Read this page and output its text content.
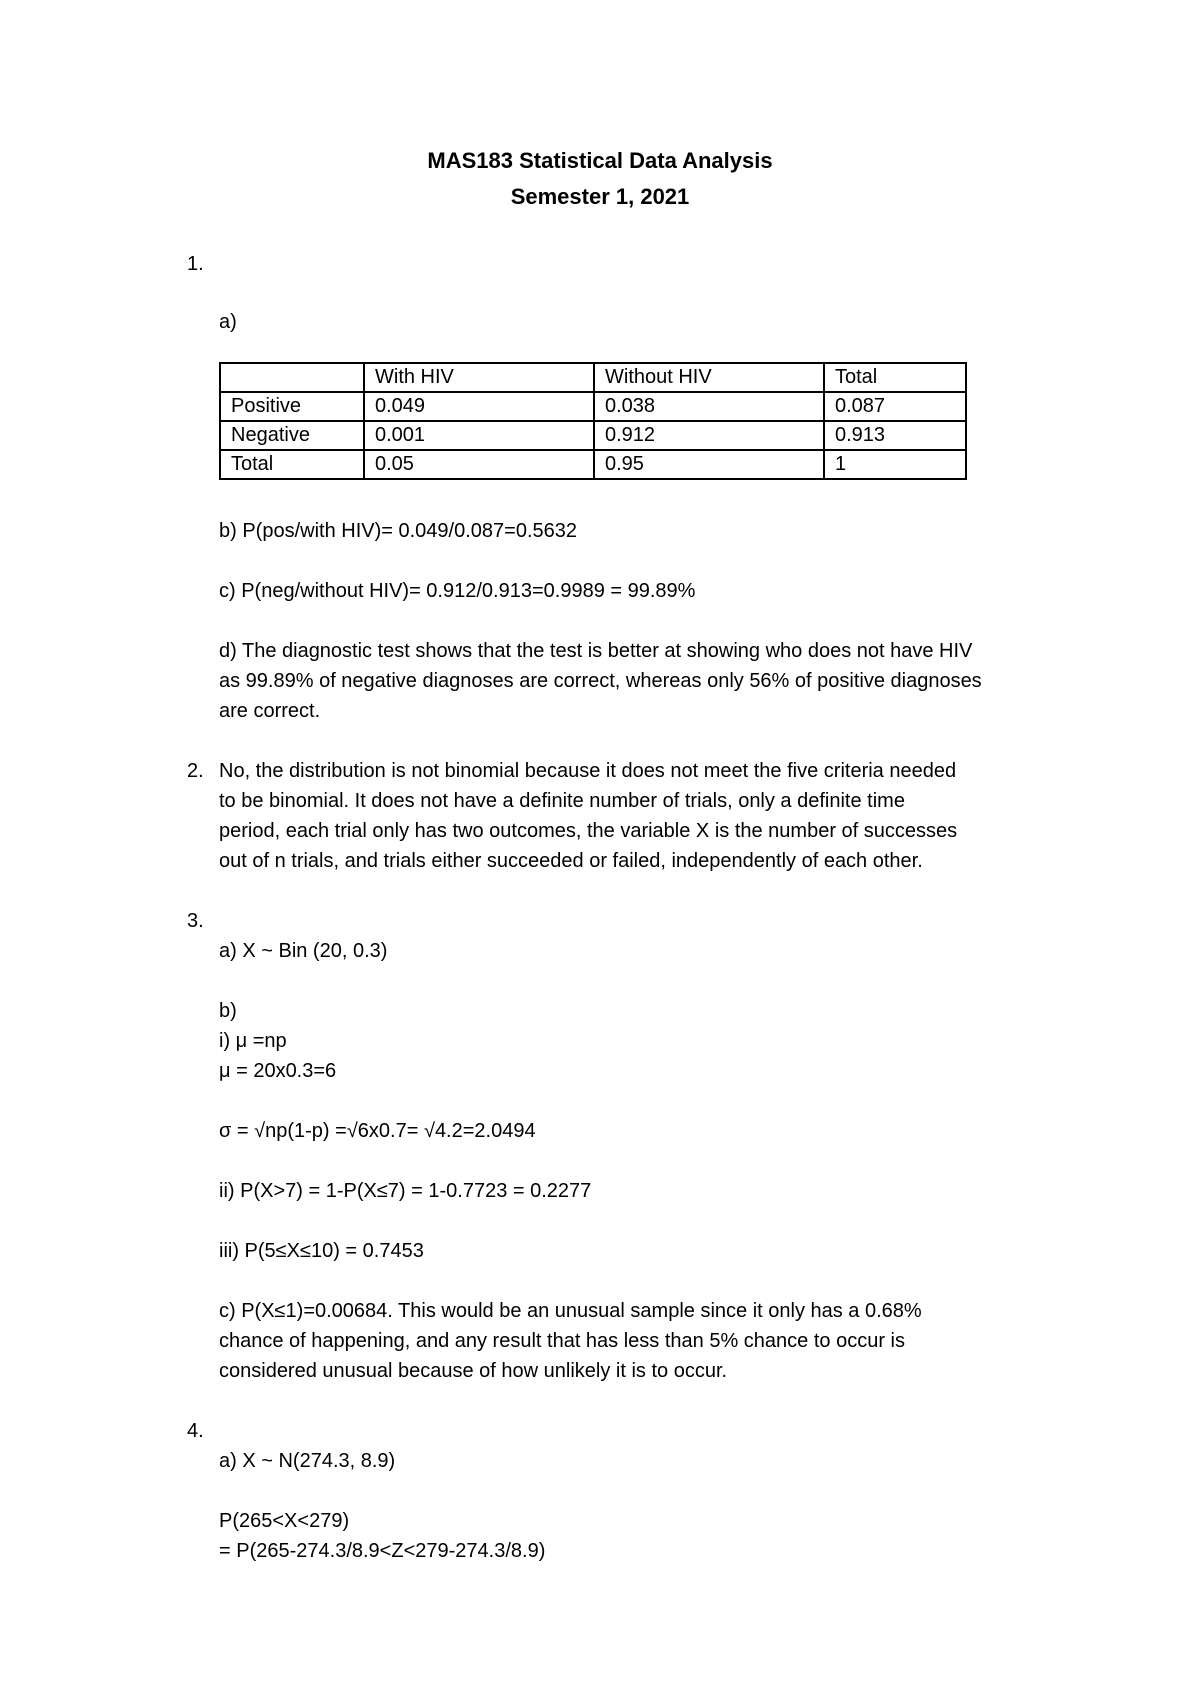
MAS183 Statistical Data Analysis
Semester 1, 2021
1.
a)
	With HIV	Without HIV	Total
Positive	0.049	0.038	0.087
Negative	0.001	0.912	0.913
Total	0.05	0.95	1
b) P(pos/with HIV)= 0.049/0.087=0.5632
c) P(neg/without HIV)= 0.912/0.913=0.9989 = 99.89%
d) The diagnostic test shows that the test is better at showing who does not have HIV
as 99.89% of negative diagnoses are correct, whereas only 56% of positive diagnoses
are correct.
2. No, the distribution is not binomial because it does not meet the five criteria needed
to be binomial. It does not have a definite number of trials, only a definite time
period, each trial only has two outcomes, the variable X is the number of successes
out of n trials, and trials either succeeded or failed, independently of each other.
3.
a) X ~ Bin (20, 0.3)
b)
i) μ =np
μ = 20x0.3=6
σ = √np(1-p) =√6x0.7= √4.2=2.0494
ii) P(X>7) = 1-P(X≤7) = 1-0.7723 = 0.2277
iii) P(5≤X≤10) = 0.7453
c) P(X≤1)=0.00684. This would be an unusual sample since it only has a 0.68%
chance of happening, and any result that has less than 5% chance to occur is
considered unusual because of how unlikely it is to occur.
4.
a) X ~ N(274.3, 8.9)
P(265<X<279)
= P(265-274.3/8.9<Z<279-274.3/8.9)
